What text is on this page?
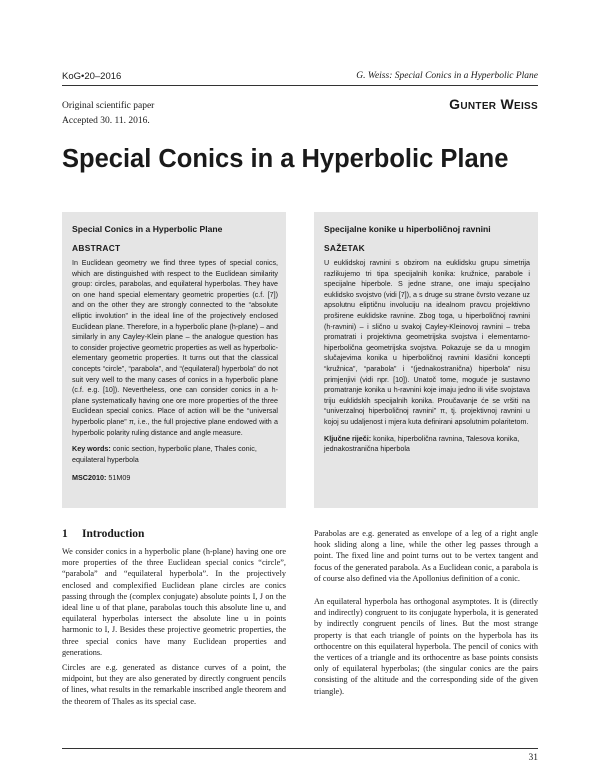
KoG•20–2016	G. Weiss: Special Conics in a Hyperbolic Plane
Original scientific paper
Accepted 30. 11. 2016.
Gunter Weiss
Special Conics in a Hyperbolic Plane
Special Conics in a Hyperbolic Plane
ABSTRACT

In Euclidean geometry we find three types of special conics, which are distinguished with respect to the Euclidean similarity group: circles, parabolas, and equilateral hyperbolas. They have on one hand special elementary geometric properties (c.f. [7]) and on the other they are strongly connected to the “absolute elliptic involution” in the ideal line of the projectively enclosed Euclidean plane. Therefore, in a hyperbolic plane (h-plane) – and similarly in any Cayley-Klein plane – the analogue question has to consider projective geometric properties as well as hyperbolic-elementary geometric properties. It turns out that the classical concepts “circle”, “parabola”, and “(equilateral) hyperbola” do not suit very well to the many cases of conics in a hyperbolic plane (c.f. e.g. [10]). Nevertheless, one can consider conics in a h-plane systematically having one ore more properties of the three Euclidean special conics. Place of action will be the “universal hyperbolic plane” π, i.e., the full projective plane endowed with a hyperbolic polarity ruling distance and angle measure.

Key words: conic section, hyperbolic plane, Thales conic, equilateral hyperbola

MSC2010: 51M09

Specijalne konike u hiperboličnoj ravnini
SAŽETAK

U euklidskoj ravnini s obzirom na euklidsku grupu simetrija razlikujemo tri tipa specijalnih konika: kružnice, parabole i specijalne hiperbole. S jedne strane, one imaju specijalno euklidsko svojstvo (vidi [7]), a s druge su strane čvrsto vezane uz apsolutnu eliptičnu involuciju na idealnom pravcu projektivno proširene euklidske ravnine. Zbog toga, u hiperboličnoj ravnini (h-ravnini) – i slično u svakoj Cayley-Kleinovoj ravnini – treba promatrati i projektivna geometrijska svojstva i elementarno-hiperbolična geometrijska svojstva. Pokazuje se da u mnogim slučajevima konika u hiperboličnoj ravnini klasični koncepti “kružnica”, “parabola” i “(jednakostranična) hiperbola” nisu primjenjivi (vidi npr. [10]). Unatoč tome, moguće je sustavno promatranje konika u h-ravnini koje imaju jedno ili više svojstava triju euklidskih specijalnih konika. Proučavanje će se vršiti na “univerzalnoj hiperboličnoj ravnini” π, tj. projektivnoj ravnini u kojoj su udaljenost i mjera kuta definirani apsolutnim polaritetom.

Ključne riječi: konika, hiperbolična ravnina, Talesova konika, jednakostranična hiperbola

1 Introduction

We consider conics in a hyperbolic plane (h-plane) having one ore more properties of the three Euclidean special conics “circle”, “parabola” and “equilateral hyperbola”. In the projectively enclosed and complexified Euclidean plane circles are conics passing through the (complex conjugate) absolute points I, J on the ideal line u of that plane, parabolas touch this absolute line u, and equilateral hyperbolas intersect the absolute line u in points harmonic to I, J. Besides these projective geometric properties, the three special conics have many Euclidean properties and generations.

Circles are e.g. generated as distance curves of a point, the midpoint, but they are also generated by directly congruent pencils of lines, what results in the remarkable inscribed angle theorem and the theorem of Thales as its special case.

Parabolas are e.g. generated as envelope of a leg of a right angle hook sliding along a line, while the other leg passes through a point. The fixed line and point turns out to be vertex tangent and focus of the generated parabola. As a Euclidean conic, a parabola is of course also defined via the Apollonius definition of a conic.

An equilateral hyperbola has orthogonal asymptotes. It is (directly and indirectly) congruent to its conjugate hyperbola, it is generated by indirectly congruent pencils of lines. But the most strange property is that each triangle of points on the hyperbola has its orthocentre on this equilateral hyperbola. The pencil of conics with the vertices of a triangle and its orthocentre as base points consists only of equilateral hyperbolas; (the singular conics are the pairs consisting of the altitude and the corresponding side of the given triangle).

31
